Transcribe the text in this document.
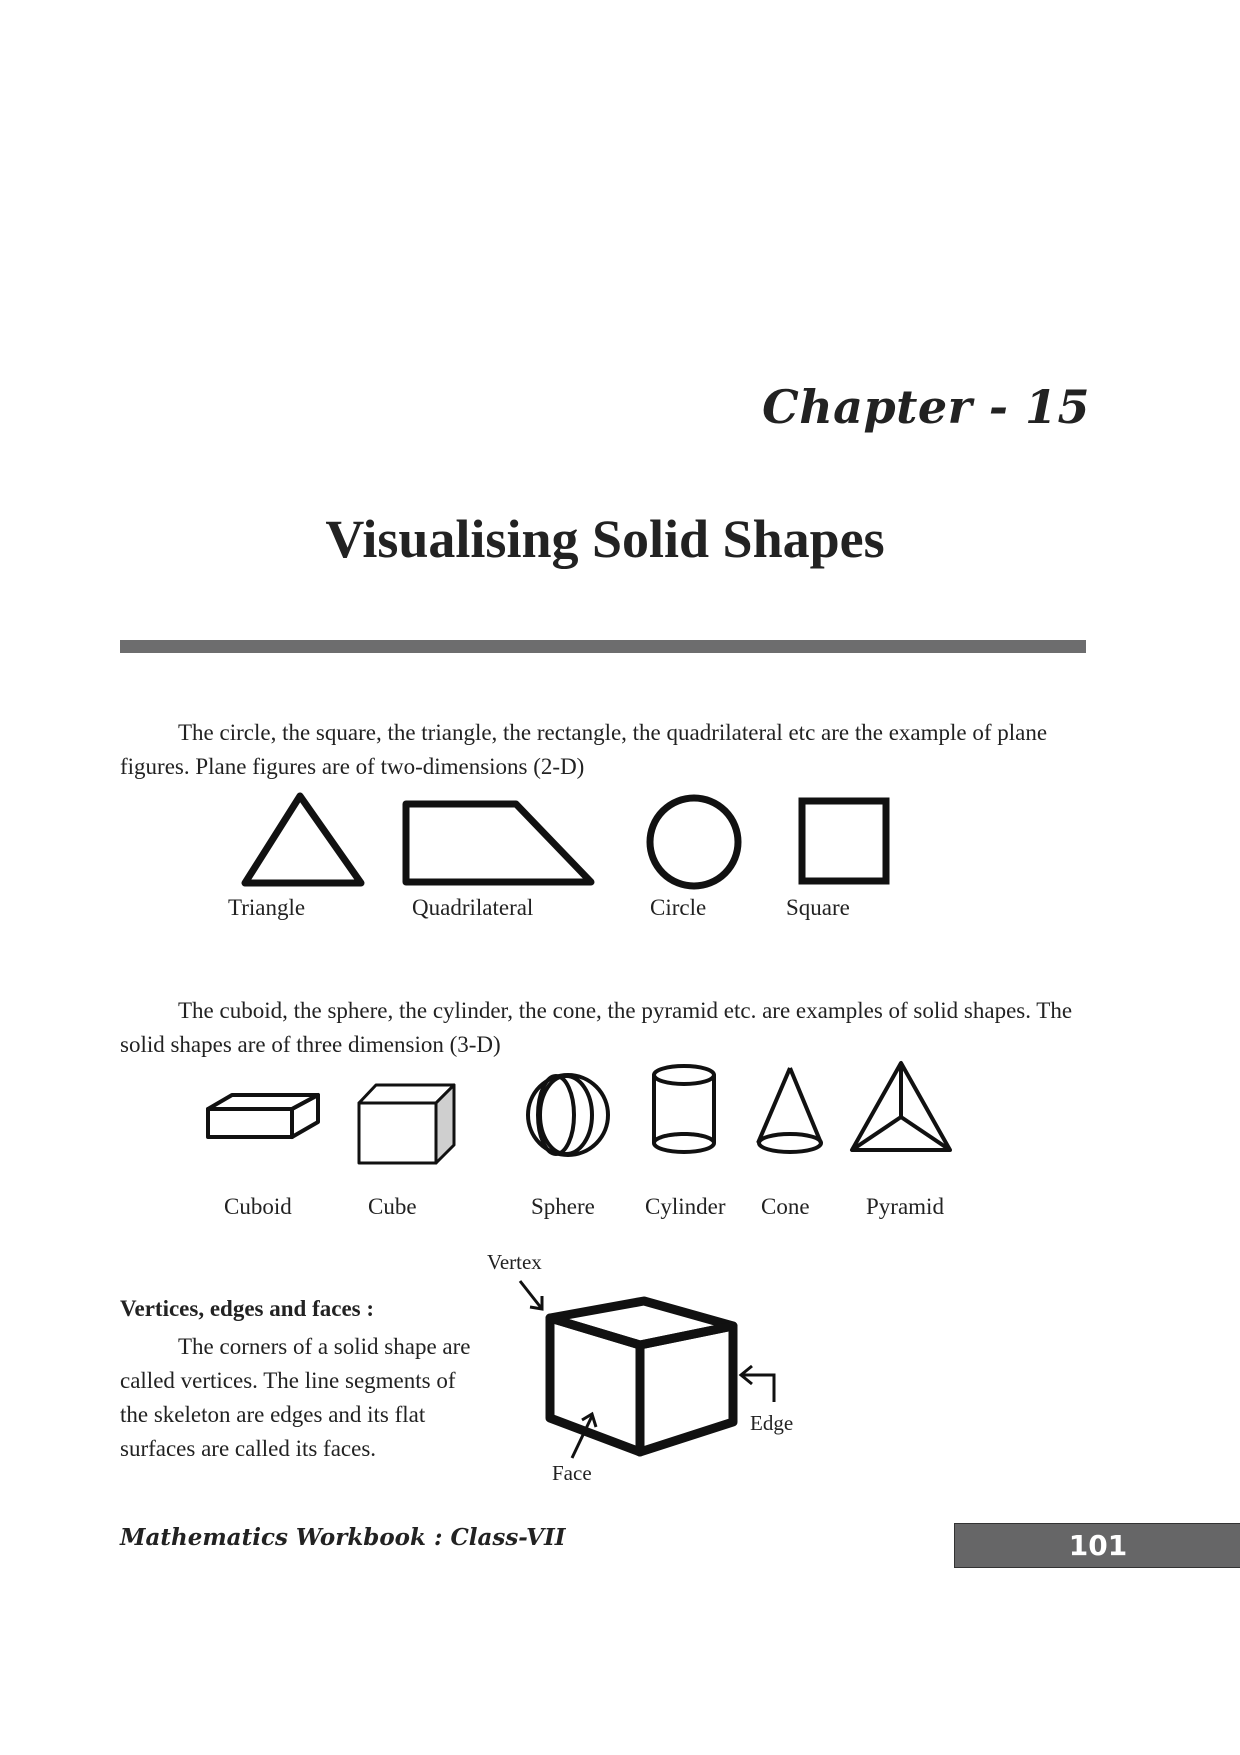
Chapter - 15
Visualising Solid Shapes
The circle, the square, the triangle, the rectangle, the quadrilateral etc are the example of plane figures. Plane figures are of two-dimensions (2-D)
Triangle	Quadrilateral	Circle	Square
The cuboid, the sphere, the cylinder, the cone, the pyramid etc. are examples of solid shapes. The solid shapes are of three dimension (3-D)
Cuboid	Cube	Sphere Cylinder Cone Pyramid
Vertex
Edge
Face
Vertices, edges and faces :
The corners of a solid shape are called vertices. The line segments of the skeleton are edges and its flat surfaces are called its faces.
Mathematics Workbook : Class-VII	101
